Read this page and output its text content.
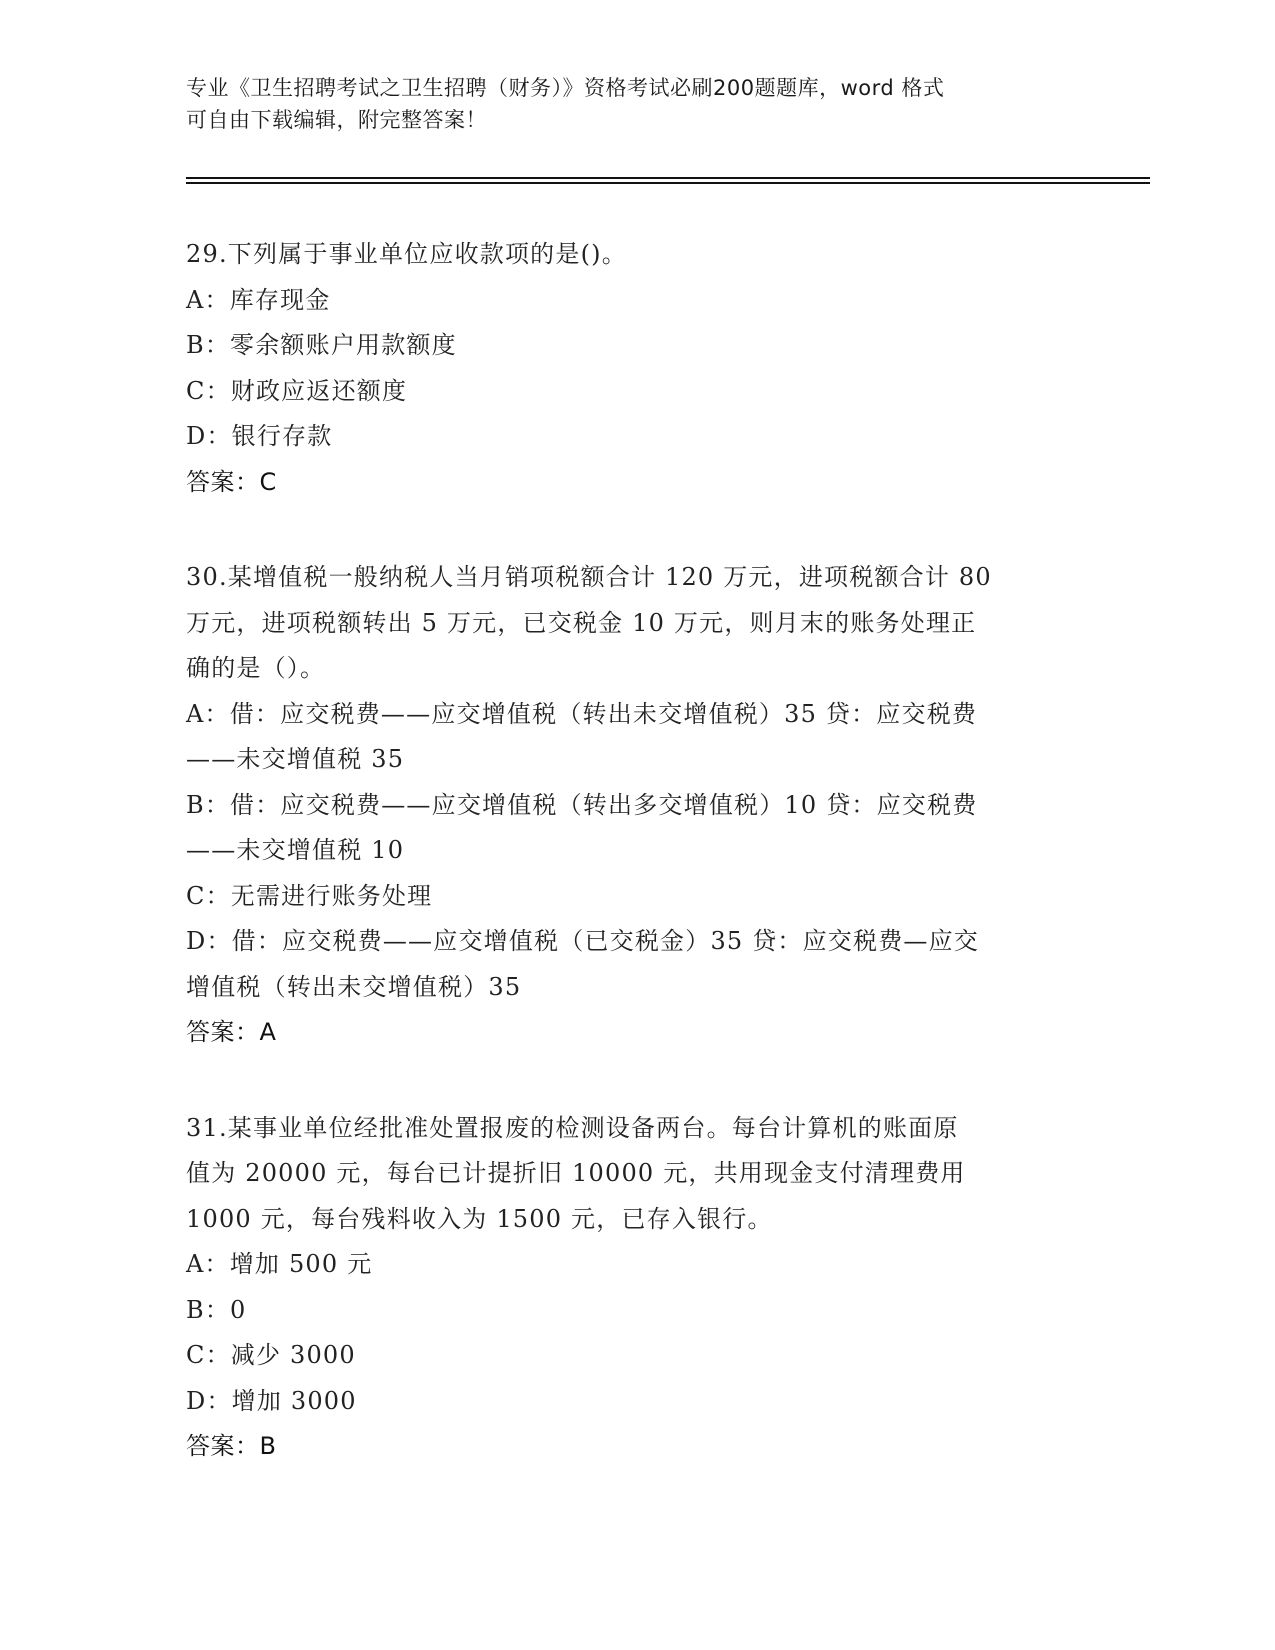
专业《卫生招聘考试之卫生招聘（财务）》资格考试必刷200题题库，word 格式
可自由下载编辑，附完整答案！
29.下列属于事业单位应收款项的是()。
A：库存现金
B：零余额账户用款额度
C：财政应返还额度
D：银行存款
答案：C
30.某增值税一般纳税人当月销项税额合计 120 万元，进项税额合计 80
万元，进项税额转出 5 万元，已交税金 10 万元，则月末的账务处理正
确的是（）。
A：借：应交税费——应交增值税（转出未交增值税）35 贷：应交税费
——未交增值税 35
B：借：应交税费——应交增值税（转出多交增值税）10 贷：应交税费
——未交增值税 10
C：无需进行账务处理
D：借：应交税费——应交增值税（已交税金）35 贷：应交税费—应交
增值税（转出未交增值税）35
答案：A
31.某事业单位经批准处置报废的检测设备两台。每台计算机的账面原
值为 20000 元，每台已计提折旧 10000 元，共用现金支付清理费用
1000 元，每台残料收入为 1500 元，已存入银行。
A：增加 500 元
B：0
C：减少 3000
D：增加 3000
答案：B
